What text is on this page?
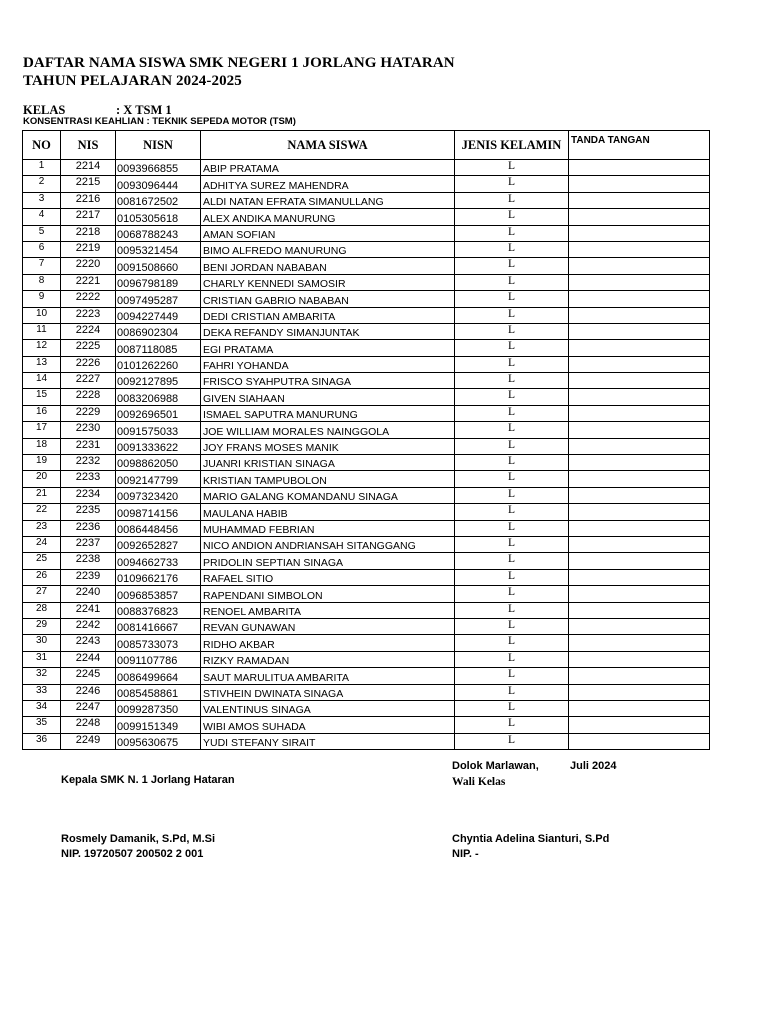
DAFTAR NAMA SISWA SMK NEGERI 1 JORLANG HATARAN
TAHUN PELAJARAN 2024-2025
KELAS	: X TSM 1
KONSENTRASI KEAHLIAN : TEKNIK SEPEDA MOTOR (TSM)
NO	NIS	NISN	NAMA SISWA	JENIS KELAMIN	TANDA TANGAN
1	2214	0093966855	ABIP PRATAMA	L	
2	2215	0093096444	ADHITYA SUREZ MAHENDRA	L	
3	2216	0081672502	ALDI NATAN EFRATA SIMANULLANG	L	
4	2217	0105305618	ALEX ANDIKA MANURUNG	L	
5	2218	0068788243	AMAN SOFIAN	L	
6	2219	0095321454	BIMO ALFREDO MANURUNG	L	
7	2220	0091508660	BENI JORDAN NABABAN	L	
8	2221	0096798189	CHARLY KENNEDI SAMOSIR	L	
9	2222	0097495287	CRISTIAN GABRIO NABABAN	L	
10	2223	0094227449	DEDI CRISTIAN AMBARITA	L	
11	2224	0086902304	DEKA REFANDY SIMANJUNTAK	L	
12	2225	0087118085	EGI PRATAMA	L	
13	2226	0101262260	FAHRI YOHANDA	L	
14	2227	0092127895	FRISCO SYAHPUTRA SINAGA	L	
15	2228	0083206988	GIVEN SIAHAAN	L	
16	2229	0092696501	ISMAEL SAPUTRA MANURUNG	L	
17	2230	0091575033	JOE WILLIAM MORALES NAINGGOLA	L	
18	2231	0091333622	JOY FRANS MOSES MANIK	L	
19	2232	0098862050	JUANRI KRISTIAN SINAGA	L	
20	2233	0092147799	KRISTIAN TAMPUBOLON	L	
21	2234	0097323420	MARIO GALANG KOMANDANU SINAGA	L	
22	2235	0098714156	MAULANA HABIB	L	
23	2236	0086448456	MUHAMMAD FEBRIAN	L	
24	2237	0092652827	NICO ANDION ANDRIANSAH SITANGGANG	L	
25	2238	0094662733	PRIDOLIN SEPTIAN SINAGA	L	
26	2239	0109662176	RAFAEL SITIO	L	
27	2240	0096853857	RAPENDANI SIMBOLON	L	
28	2241	0088376823	RENOEL AMBARITA	L	
29	2242	0081416667	REVAN GUNAWAN	L	
30	2243	0085733073	RIDHO AKBAR	L	
31	2244	0091107786	RIZKY RAMADAN	L	
32	2245	0086499664	SAUT MARULITUA AMBARITA	L	
33	2246	0085458861	STIVHEIN DWINATA SINAGA	L	
34	2247	0099287350	VALENTINUS SINAGA	L	
35	2248	0099151349	WIBI AMOS SUHADA	L	
36	2249	0095630675	YUDI STEFANY SIRAIT	L	
Dolok Marlawan,	Juli 2024
Wali Kelas
Kepala SMK N. 1 Jorlang Hataran
Rosmely Damanik, S.Pd, M.Si
NIP. 19720507 200502 2 001
Chyntia Adelina Sianturi, S.Pd
NIP. -
